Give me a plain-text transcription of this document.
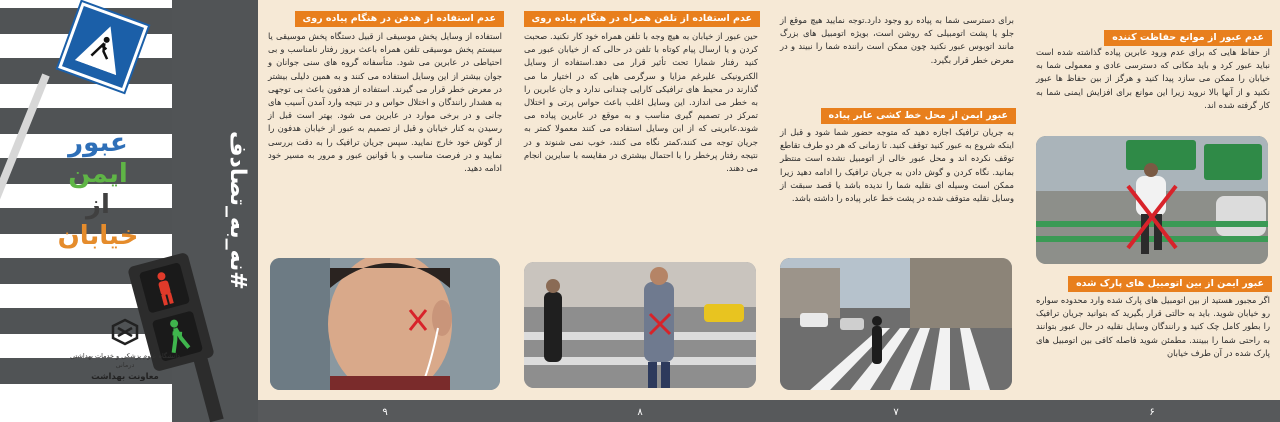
عبور
ایمن
از
خیابان	#نه_به_تصادف
دانشگاه علوم پزشکی و خدمات بهداشتی درمانی
معاونت بهداشت
عدم استفاده از هدفن در هنگام پیاده روی
استفاده از وسایل پخش موسیقی از قبیل دستگاه پخش موسیقی یا سیستم پخش موسیقی تلفن همراه باعث بروز رفتار نامناسب و بی احتیاطی در عابرین می شود. متأسفانه گروه های سنی جوانان و جوان بیشتر از این وسایل استفاده می کنند و به همین دلیلی بیشتر در معرض خطر قرار می گیرند. استفاده از هدفون باعث بی توجهی به هشدار رانندگان و اختلال حواس و در نتیجه وارد آمدن آسیب های جانی و در برخی موارد در عابرین می شود. بهتر است قبل از رسیدن به کنار خیابان و قبل از تصمیم به عبور از خیابان هدفون را از گوش خود خارج نمایید. سپس جریان ترافیک را به دقت بررسی نمایید و در فرصت مناسب و با قوانین عبور و مرور به مسیر خود ادامه دهید.
۹
عدم استفاده از تلفن همراه در هنگام پیاده روی
حین عبور از خیابان به هیچ وجه با تلفن همراه خود کار نکنید. صحبت کردن و یا ارسال پیام کوتاه با تلفن در حالی که از خیابان عبور می کنید رفتار شمارا تحت تأثیر قرار می دهد.استفاده از وسایل الکترونیکی علیرغم مزایا و سرگرمی هایی که در اختیار ما می گذارند در محیط های ترافیکی کارایی چندانی ندارد و جان عابرین را به خطر می اندازد. این وسایل اغلب باعث حواس پرتی و اختلال تمرکز در تصمیم گیری مناسب و به موقع در عابرین پیاده می شوند.عابرینی که از این وسایل استفاده می کنند معمولا کمتر به جریان توجه می کنند،کمتر نگاه می کنند، خوب نمی شنوند و در نتیجه رفتار پرخطر را با احتمال بیشتری در مقایسه با سایرین انجام می دهند.
۸
برای دسترسی شما به پیاده رو وجود دارد.توجه نمایید هیچ موقع از جلو یا پشت اتومبیلی که روشن است، بویژه اتومبیل های بزرگ مانند اتوبوس عبور نکنید چون ممکن است راننده شما را نبیند و در معرض خطر قرار بگیرد.
عبور ایمن از محل خط کشی عابر پیاده
به جریان ترافیک اجازه دهید که متوجه حضور شما شود و قبل از اینکه شروع به عبور کنید توقف کنید. تا زمانی که هر دو طرف تقاطع توقف نکرده اند و محل عبور خالی از اتومبیل نشده است منتظر بمانید. نگاه کردن و گوش دادن به جریان ترافیک را ادامه دهید زیرا ممکن است وسیله ای نقلیه شما را ندیده باشد یا قصد سبقت از وسایل نقلیه متوقف شده در پشت خط عابر پیاده را داشته باشد.
۷
عدم عبور از موانع حفاظت کننده
از حفاظ هایی که برای عدم ورود عابرین پیاده گذاشته شده است نباید عبور کرد و باید مکانی که دسترسی عادی و معمولی شما به خیابان را ممکن می سازد پیدا کنید و هرگز از بین حفاظ ها عبور نکنید و از آنها بالا نروید زیرا این موانع برای افزایش ایمنی شما به کار گرفته شده اند.
عبور ایمن از بین اتومبیل های پارک شده
اگر مجبور هستید از بین اتومبیل های پارک شده وارد محدوده سواره رو خیابان شوید. باید به حالتی قرار بگیرید که بتوانید جریان ترافیک را بطور کامل چک کنید و رانندگان وسایل نقلیه در حال عبور بتوانند به راحتی شما را ببینند. مطمئن شوید فاصله کافی بین اتومبیل های پارک شده در آن طرف خیابان
۶
